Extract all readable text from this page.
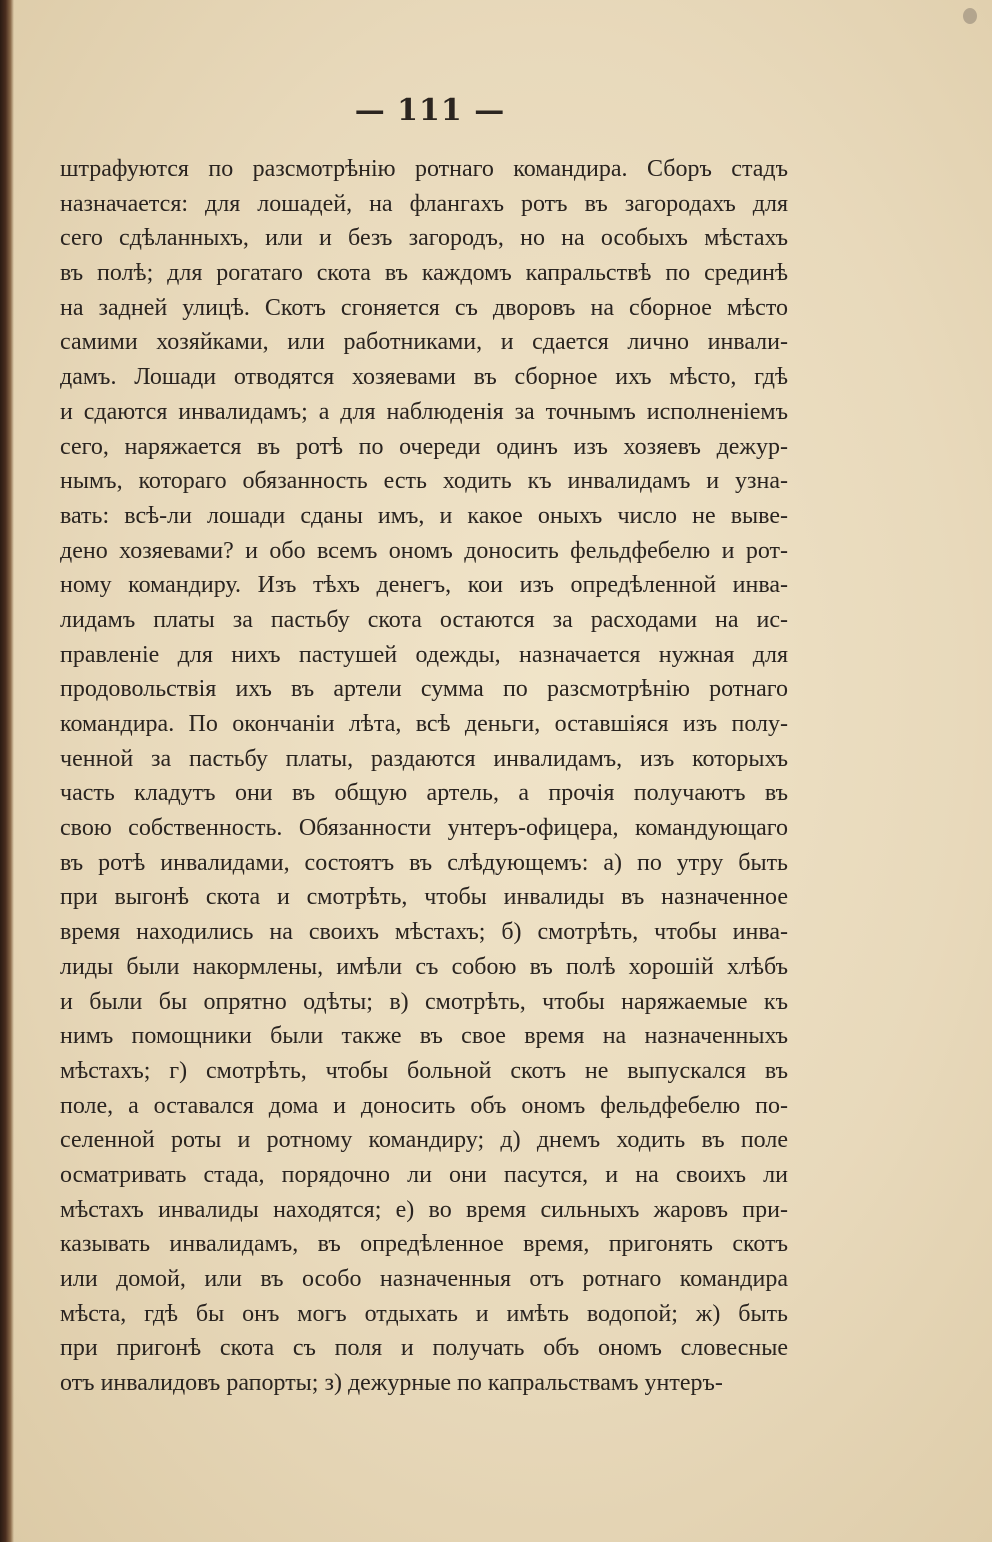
— 111 —
штрафуются по разсмотрѣнію ротнаго командира. Сборъ стадъ
назначается: для лошадей, на флангахъ ротъ въ загородахъ для
сего сдѣланныхъ, или и безъ загородъ, но на особыхъ мѣстахъ
въ полѣ; для рогатаго скота въ каждомъ капральствѣ по срединѣ
на задней улицѣ. Скотъ сгоняется съ дворовъ на сборное мѣсто
самими хозяйками, или работниками, и сдается лично инвали-
дамъ. Лошади отводятся хозяевами въ сборное ихъ мѣсто, гдѣ
и сдаются инвалидамъ; а для наблюденія за точнымъ исполненіемъ
сего, наряжается въ ротѣ по очереди одинъ изъ хозяевъ дежур-
нымъ, котораго обязанность есть ходить къ инвалидамъ и узна-
вать: всѣ-ли лошади сданы имъ, и какое оныхъ число не выве-
дено хозяевами? и обо всемъ ономъ доносить фельдфебелю и рот-
ному командиру. Изъ тѣхъ денегъ, кои изъ опредѣленной инва-
лидамъ платы за пастьбу скота остаются за расходами на ис-
правленіе для нихъ пастушей одежды, назначается нужная для
продовольствія ихъ въ артели сумма по разсмотрѣнію ротнаго
командира. По окончаніи лѣта, всѣ деньги, оставшіяся изъ полу-
ченной за пастьбу платы, раздаются инвалидамъ, изъ которыхъ
часть кладутъ они въ общую артель, а прочія получаютъ въ
свою собственность. Обязанности унтеръ-офицера, командующаго
въ ротѣ инвалидами, состоятъ въ слѣдующемъ: а) по утру быть
при выгонѣ скота и смотрѣть, чтобы инвалиды въ назначенное
время находились на своихъ мѣстахъ; б) смотрѣть, чтобы инва-
лиды были накормлены, имѣли съ собою въ полѣ хорошій хлѣбъ
и были бы опрятно одѣты; в) смотрѣть, чтобы наряжаемые къ
нимъ помощники были также въ свое время на назначенныхъ
мѣстахъ; г) смотрѣть, чтобы больной скотъ не выпускался въ
поле, а оставался дома и доносить объ ономъ фельдфебелю по-
селенной роты и ротному командиру; д) днемъ ходить въ поле
осматривать стада, порядочно ли они пасутся, и на своихъ ли
мѣстахъ инвалиды находятся; е) во время сильныхъ жаровъ при-
казывать инвалидамъ, въ опредѣленное время, пригонять скотъ
или домой, или въ особо назначенныя отъ ротнаго командира
мѣста, гдѣ бы онъ могъ отдыхать и имѣть водопой; ж) быть
при пригонѣ скота съ поля и получать объ ономъ словесные
отъ инвалидовъ рапорты; з) дежурные по капральствамъ унтеръ-
